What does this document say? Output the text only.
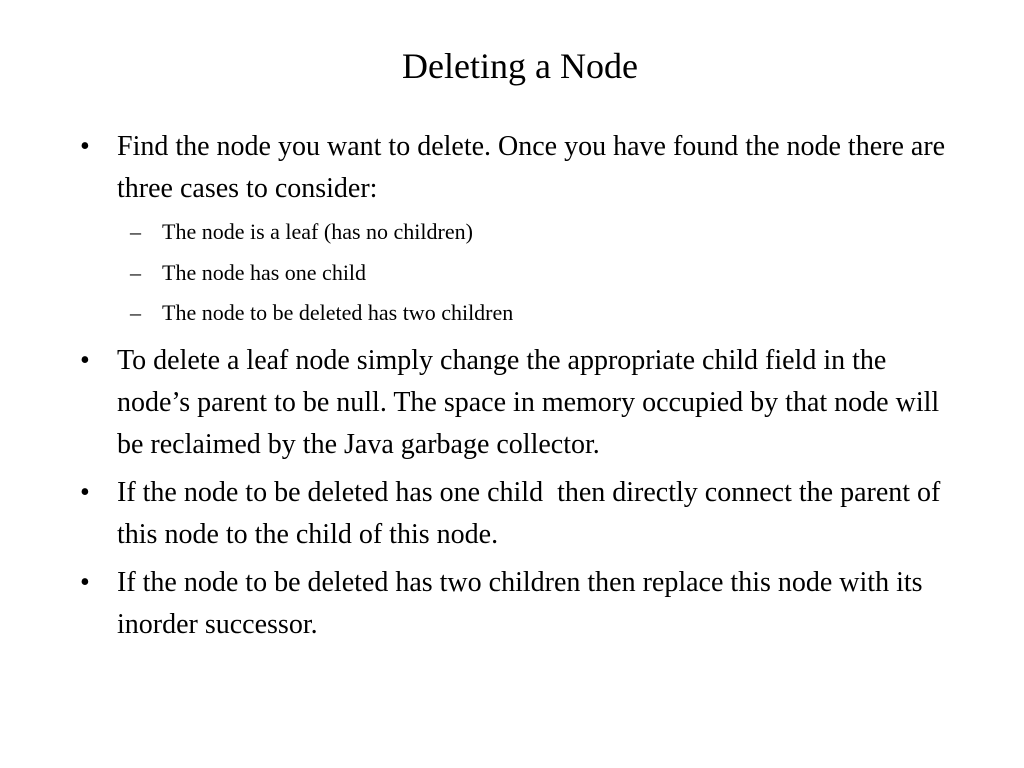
Deleting a Node
• Find the node you want to delete. Once you have found the node there are three cases to consider:
– The node is a leaf (has no children)
– The node has one child
– The node to be deleted has two children
• To delete a leaf node simply change the appropriate child field in the node’s parent to be null. The space in memory occupied by that node will be reclaimed by the Java garbage collector.
• If the node to be deleted has one child  then directly connect the parent of this node to the child of this node.
• If the node to be deleted has two children then replace this node with its inorder successor.
